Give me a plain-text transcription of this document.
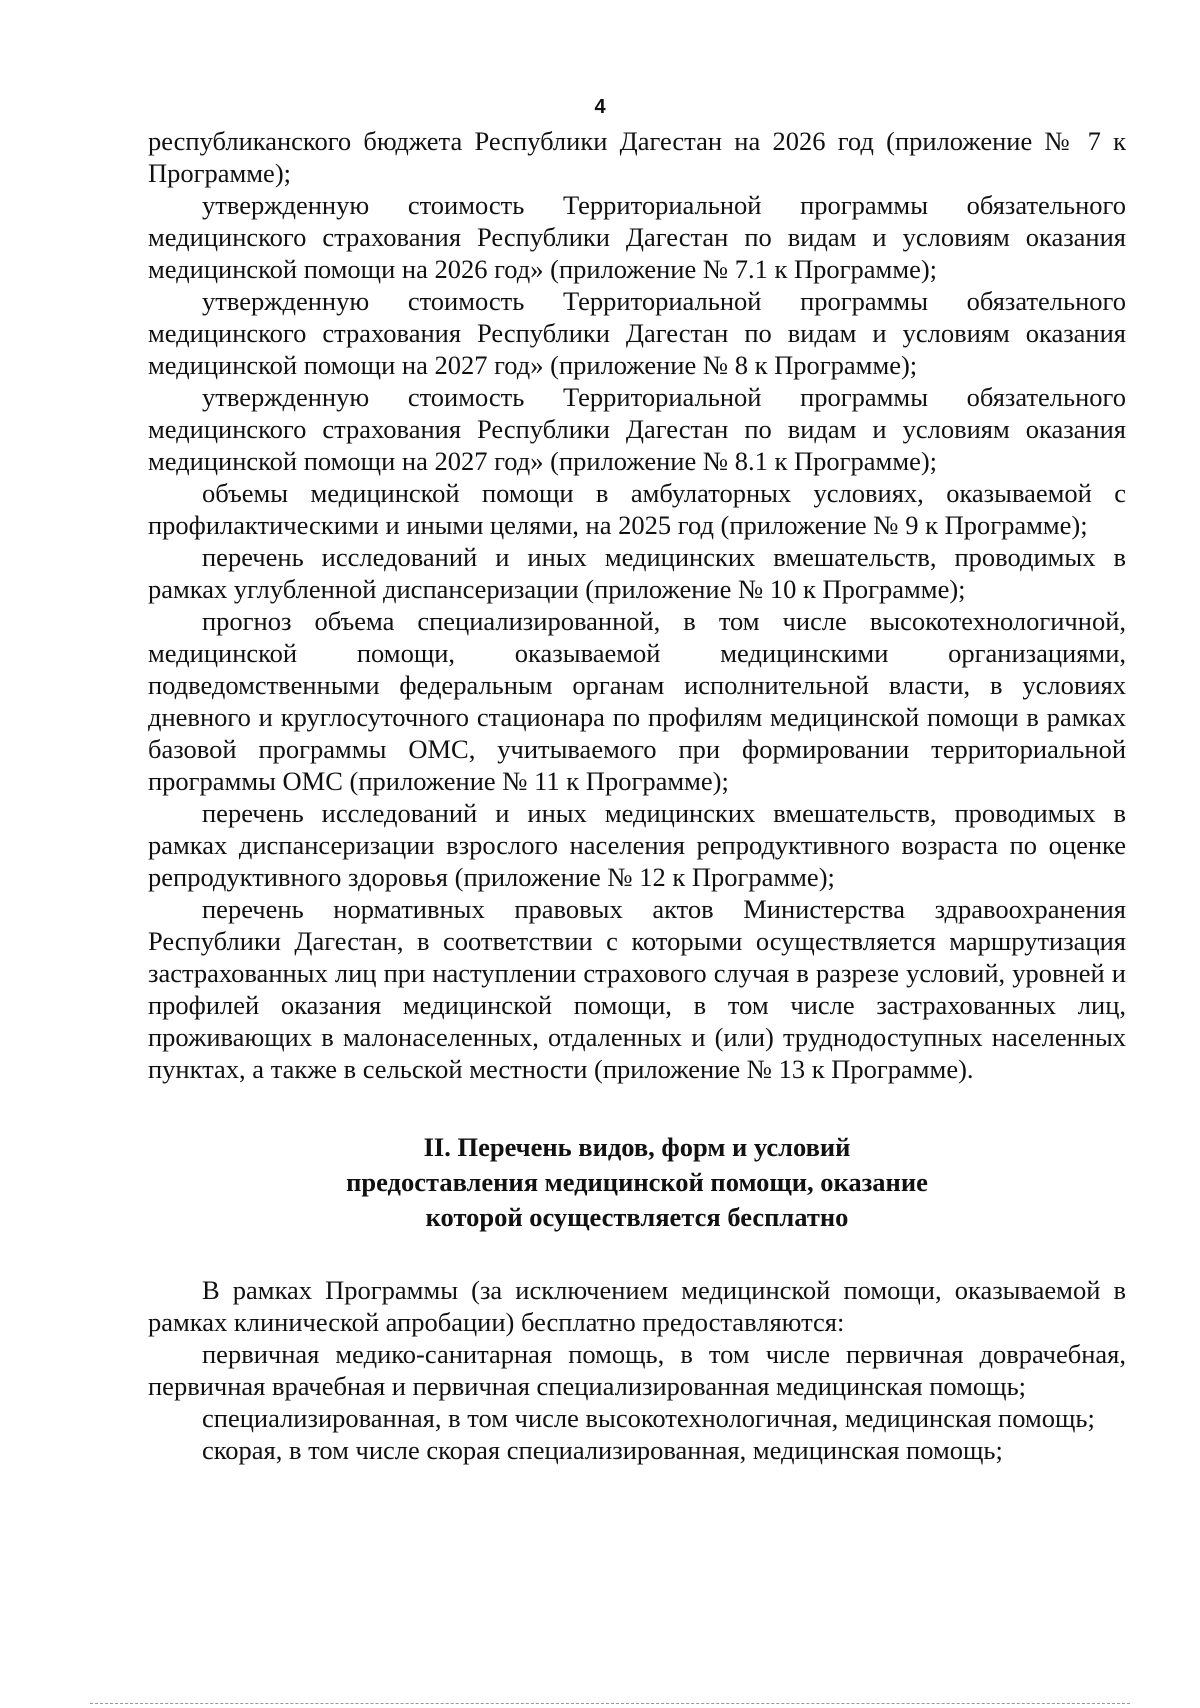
4

республиканского бюджета Республики Дагестан на 2026 год (приложение № 7 к Программе);

утвержденную стоимость Территориальной программы обязательного медицинского страхования Республики Дагестан по видам и условиям оказания медицинской помощи на 2026 год» (приложение № 7.1 к Программе);

утвержденную стоимость Территориальной программы обязательного медицинского страхования Республики Дагестан по видам и условиям оказания медицинской помощи на 2027 год» (приложение № 8 к Программе);

утвержденную стоимость Территориальной программы обязательного медицинского страхования Республики Дагестан по видам и условиям оказания медицинской помощи на 2027 год» (приложение № 8.1 к Программе);

объемы медицинской помощи в амбулаторных условиях, оказываемой с профилактическими и иными целями, на 2025 год (приложение № 9 к Программе);

перечень исследований и иных медицинских вмешательств, проводимых в рамках углубленной диспансеризации (приложение № 10 к Программе);

прогноз объема специализированной, в том числе высокотехнологичной, медицинской помощи, оказываемой медицинскими организациями, подведомственными федеральным органам исполнительной власти, в условиях дневного и круглосуточного стационара по профилям медицинской помощи в рамках базовой программы ОМС, учитываемого при формировании территориальной программы ОМС (приложение № 11 к Программе);

перечень исследований и иных медицинских вмешательств, проводимых в рамках диспансеризации взрослого населения репродуктивного возраста по оценке репродуктивного здоровья (приложение № 12 к Программе);

перечень нормативных правовых актов Министерства здравоохранения Республики Дагестан, в соответствии с которыми осуществляется маршрутизация застрахованных лиц при наступлении страхового случая в разрезе условий, уровней и профилей оказания медицинской помощи, в том числе застрахованных лиц, проживающих в малонаселенных, отдаленных и (или) труднодоступных населенных пунктах, а также в сельской местности (приложение № 13 к Программе).

II. Перечень видов, форм и условий
предоставления медицинской помощи, оказание
которой осуществляется бесплатно

В рамках Программы (за исключением медицинской помощи, оказываемой в рамках клинической апробации) бесплатно предоставляются:

первичная медико-санитарная помощь, в том числе первичная доврачебная, первичная врачебная и первичная специализированная медицинская помощь;

специализированная, в том числе высокотехнологичная, медицинская помощь;

скорая, в том числе скорая специализированная, медицинская помощь;
